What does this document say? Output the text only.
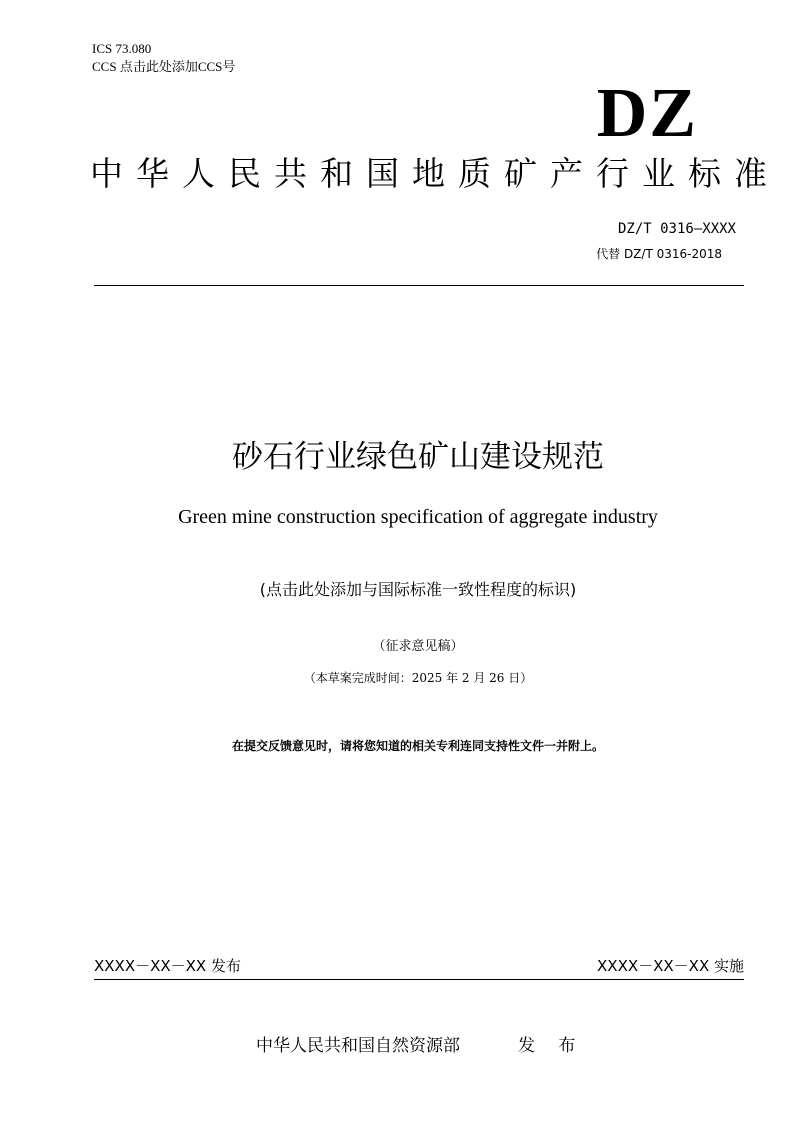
ICS 73.080
CCS 点击此处添加CCS号
DZ
中华人民共和国地质矿产行业标准
DZ/T 0316—XXXX
代替 DZ/T 0316-2018
砂石行业绿色矿山建设规范
Green mine construction specification of aggregate industry
(点击此处添加与国际标准一致性程度的标识)
（征求意见稿）
（本草案完成时间：2025 年 2 月 26 日）
在提交反馈意见时，请将您知道的相关专利连同支持性文件一并附上。
XXXX－XX－XX 发布	XXXX－XX－XX 实施
中华人民共和国自然资源部	发 布
